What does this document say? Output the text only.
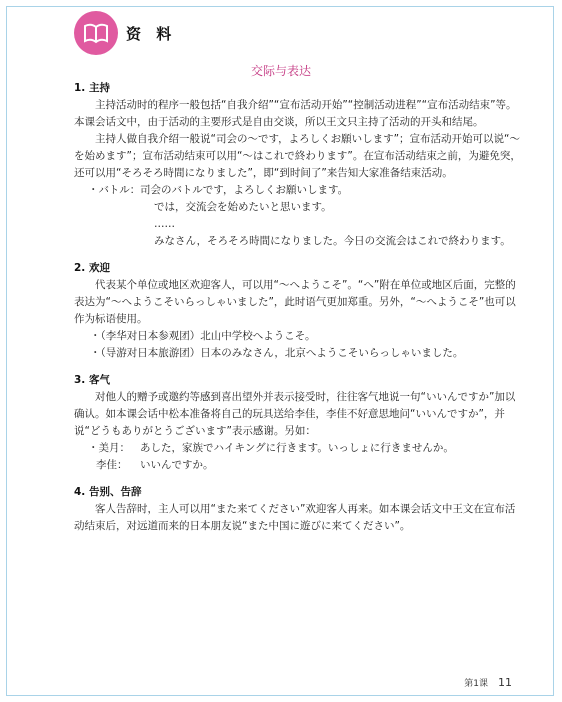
资 料
交际与表达
1. 主持

主持活动时的程序一般包括“自我介绍”“宣布活动开始”“控制活动进程”“宣布活动结束”等。本课会话文中，由于活动的主要形式是自由交谈，所以王文只主持了活动的开头和结尾。

主持人做自我介绍一般说“司会の～です，よろしくお願いします”；宣布活动开始可以说“～を始めます”；宣布活动结束可以用“～はこれで終わります”。在宣布活动结束之前，为避免突，还可以用“そろそろ時間になりました”，即“到时间了”来告知大家准备结束活动。

・バトル： 司会のバトルです，よろしくお願いします。
では，交流会を始めたいと思います。
……
みなさん，そろそろ時間になりました。今日の交流会はこれで終わります。
2. 欢迎

代表某个单位或地区欢迎客人，可以用“～へようこそ”。“へ”附在单位或地区后面，完整的表达为“～へようこそいらっしゃいました”，此时语气更加郑重。另外，“～へようこそ”也可以作为标语使用。

・（李华对日本参观团）北山中学校へようこそ。
・（导游对日本旅游团）日本のみなさん，北京へようこそいらっしゃいました。
3. 客气

对他人的赠予或邀约等感到喜出望外并表示接受时，往往客气地说一句“いいんですか”加以确认。如本课会话中松本准备将自己的玩具送给李佳，李佳不好意思地问“いいんですか”，并说“どうもありがとうございます”表示感谢。另如：

・美月： あした，家族でハイキングに行きます。いっしょに行きませんか。
李佳：	いいんですか。
4. 告别、告辞

客人告辞时，主人可以用“また来てください”欢迎客人再来。如本课会话文中王文在宣布活动结束后，对远道而来的日本朋友说“また中国に遊びに来てください”。

第1课 11
